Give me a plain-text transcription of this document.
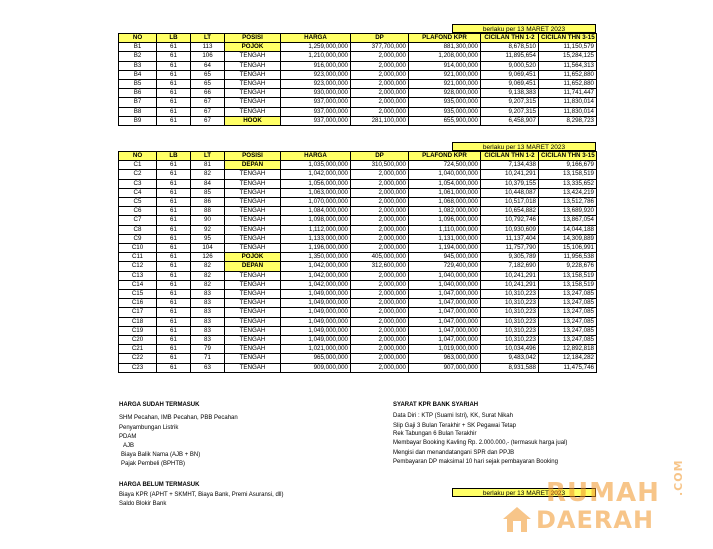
berlaku per 13 MARET 2023
NO	LB	LT	POSISI	HARGA	DP	PLAFOND KPR	CICILAN THN 1-2	CICILAN THN 3-15
B1	61	113	POJOK	1,259,000,000	377,700,000	881,300,000	8,678,510	11,150,579
B2	61	106	TENGAH	1,210,000,000	2,000,000	1,208,000,000	11,895,654	15,284,125
B3	61	64	TENGAH	916,000,000	2,000,000	914,000,000	9,000,520	11,564,313
B4	61	65	TENGAH	923,000,000	2,000,000	921,000,000	9,069,451	11,652,880
B5	61	65	TENGAH	923,000,000	2,000,000	921,000,000	9,069,451	11,652,880
B6	61	66	TENGAH	930,000,000	2,000,000	928,000,000	9,138,383	11,741,447
B7	61	67	TENGAH	937,000,000	2,000,000	935,000,000	9,207,315	11,830,014
B8	61	67	TENGAH	937,000,000	2,000,000	935,000,000	9,207,315	11,830,014
B9	61	67	HOOK	937,000,000	281,100,000	655,900,000	6,458,907	8,298,723
berlaku per 13 MARET 2023
NO	LB	LT	POSISI	HARGA	DP	PLAFOND KPR	CICILAN THN 1-2	CICILAN THN 3-15
C1	61	81	DEPAN	1,035,000,000	310,500,000	724,500,000	7,134,438	9,166,679
C2	61	82	TENGAH	1,042,000,000	2,000,000	1,040,000,000	10,241,291	13,158,519
C3	61	84	TENGAH	1,056,000,000	2,000,000	1,054,000,000	10,379,155	13,335,652
C4	61	85	TENGAH	1,063,000,000	2,000,000	1,061,000,000	10,448,087	13,424,219
C5	61	86	TENGAH	1,070,000,000	2,000,000	1,068,000,000	10,517,018	13,512,786
C6	61	88	TENGAH	1,084,000,000	2,000,000	1,082,000,000	10,654,882	13,689,920
C7	61	90	TENGAH	1,098,000,000	2,000,000	1,096,000,000	10,792,746	13,867,054
C8	61	92	TENGAH	1,112,000,000	2,000,000	1,110,000,000	10,930,609	14,044,188
C9	61	95	TENGAH	1,133,000,000	2,000,000	1,131,000,000	11,137,404	14,309,889
C10	61	104	TENGAH	1,196,000,000	2,000,000	1,194,000,000	11,757,790	15,106,991
C11	61	126	POJOK	1,350,000,000	405,000,000	945,000,000	9,305,789	11,956,538
C12	61	82	DEPAN	1,042,000,000	312,600,000	729,400,000	7,182,690	9,228,676
C13	61	82	TENGAH	1,042,000,000	2,000,000	1,040,000,000	10,241,291	13,158,519
C14	61	82	TENGAH	1,042,000,000	2,000,000	1,040,000,000	10,241,291	13,158,519
C15	61	83	TENGAH	1,049,000,000	2,000,000	1,047,000,000	10,310,223	13,247,085
C16	61	83	TENGAH	1,049,000,000	2,000,000	1,047,000,000	10,310,223	13,247,085
C17	61	83	TENGAH	1,049,000,000	2,000,000	1,047,000,000	10,310,223	13,247,085
C18	61	83	TENGAH	1,049,000,000	2,000,000	1,047,000,000	10,310,223	13,247,085
C19	61	83	TENGAH	1,049,000,000	2,000,000	1,047,000,000	10,310,223	13,247,085
C20	61	83	TENGAH	1,049,000,000	2,000,000	1,047,000,000	10,310,223	13,247,085
C21	61	79	TENGAH	1,021,000,000	2,000,000	1,019,000,000	10,034,496	12,892,818
C22	61	71	TENGAH	965,000,000	2,000,000	963,000,000	9,483,042	12,184,282
C23	61	63	TENGAH	909,000,000	2,000,000	907,000,000	8,931,588	11,475,746
HARGA SUDAH TERMASUK
SHM Pecahan, IMB Pecahan, PBB Pecahan
Penyambungan Listrik
PDAM
AJB
Biaya Balik Nama (AJB + BN)
Pajak Pembeli (BPHTB)
HARGA BELUM TERMASUK
Biaya KPR (APHT + SKMHT, Biaya Bank, Premi Asuransi, dll)
Saldo Blokir Bank
SYARAT KPR BANK SYARIAH
Data Diri : KTP (Suami Istri), KK, Surat Nikah
Slip Gaji 3 Bulan Terakhir + SK Pegawai Tetap
Rek Tabungan 6 Bulan Terakhir
Membayar Booking Kavling Rp. 2.000.000,- (termasuk harga jual)
Mengisi dan menandatangani SPR dan PPJB
Pembayaran DP maksimal 10 hari sejak pembayaran Booking
berlaku per 13 MARET 2023
RUMAH
DAERAH
.COM
